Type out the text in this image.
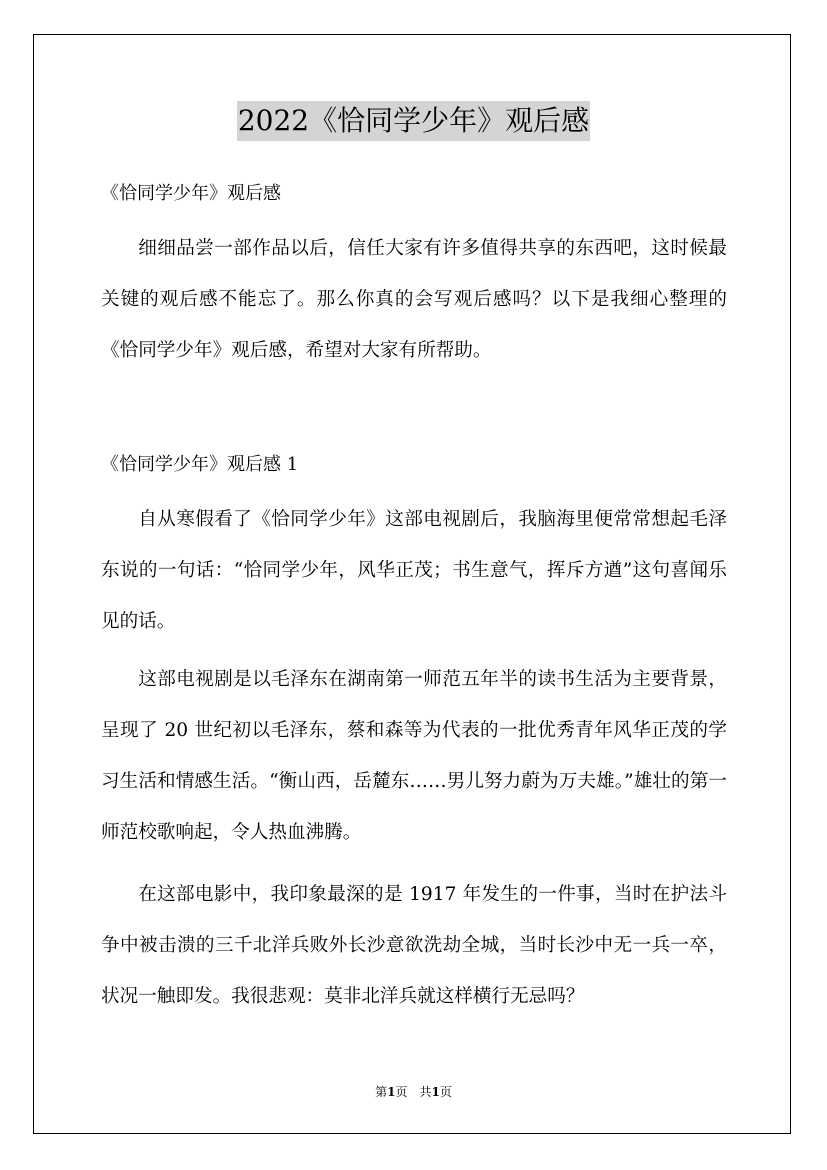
2022《恰同学少年》观后感
《恰同学少年》观后感

细细品尝一部作品以后，信任大家有许多值得共享的东西吧，这时候最关键的观后感不能忘了。那么你真的会写观后感吗？以下是我细心整理的《恰同学少年》观后感，希望对大家有所帮助。

《恰同学少年》观后感 1

自从寒假看了《恰同学少年》这部电视剧后，我脑海里便常常想起毛泽东说的一句话：“恰同学少年，风华正茂；书生意气，挥斥方遒”这句喜闻乐见的话。

这部电视剧是以毛泽东在湖南第一师范五年半的读书生活为主要背景，呈现了 20 世纪初以毛泽东，蔡和森等为代表的一批优秀青年风华正茂的学习生活和情感生活。“衡山西，岳麓东……男儿努力蔚为万夫雄。”雄壮的第一师范校歌响起，令人热血沸腾。

在这部电影中，我印象最深的是 1917 年发生的一件事，当时在护法斗争中被击溃的三千北洋兵败外长沙意欲洗劫全城，当时长沙中无一兵一卒，状况一触即发。我很悲观：莫非北洋兵就这样横行无忌吗？

第1页　共1页
